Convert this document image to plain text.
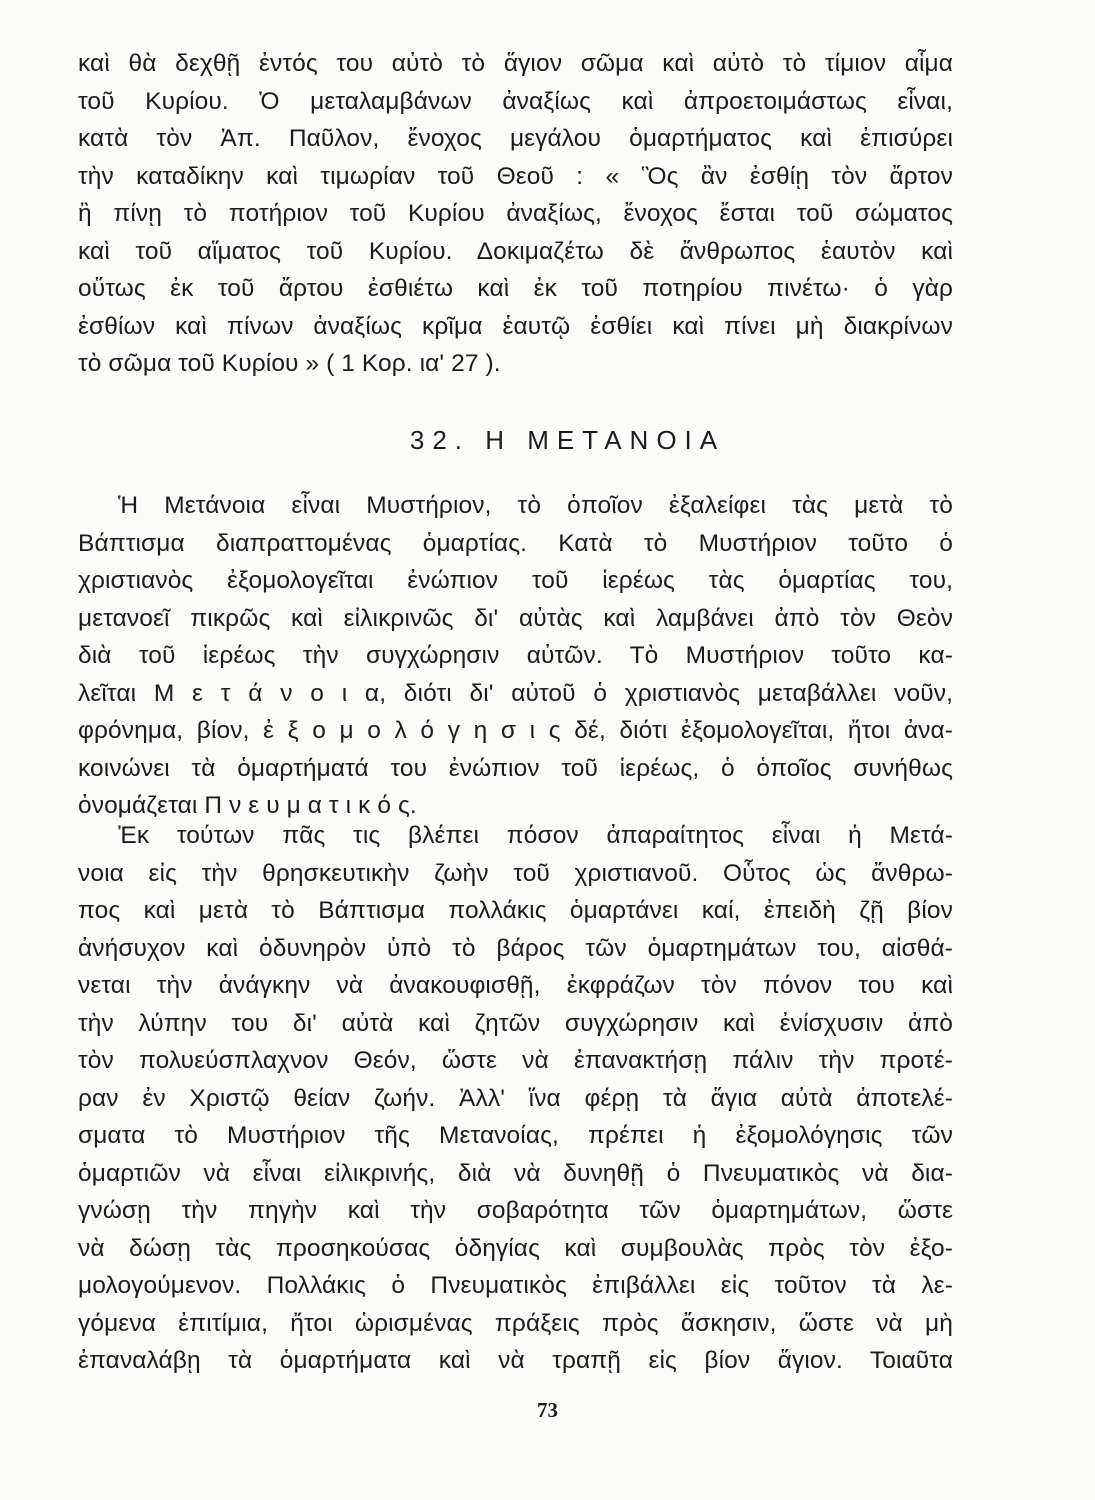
καὶ θὰ δεχθῇ ἐντός του αὐτὸ τὸ ἅγιον σῶμα καὶ αὐτὸ τὸ τίμιον αἷμα
τοῦ Κυρίου. Ὁ μεταλαμβάνων ἀναξίως καὶ ἀπροετοιμάστως εἶναι,
κατὰ τὸν Ἀπ. Παῦλον, ἔνοχος μεγάλου ὁμαρτήματος καὶ ἐπισύρει
τὴν καταδίκην καὶ τιμωρίαν τοῦ Θεοῦ : « Ὃς ἂν ἐσθίῃ τὸν ἄρτον
ἢ πίνῃ τὸ ποτήριον τοῦ Κυρίου ἀναξίως, ἔνοχος ἔσται τοῦ σώματος
καὶ τοῦ αἵματος τοῦ Κυρίου. Δοκιμαζέτω δὲ ἄνθρωπος ἑαυτὸν καὶ
οὕτως ἐκ τοῦ ἄρτου ἐσθιέτω καὶ ἐκ τοῦ ποτηρίου πινέτω· ὁ γὰρ
ἐσθίων καὶ πίνων ἀναξίως κρῖμα ἑαυτῷ ἐσθίει καὶ πίνει μὴ διακρίνων
τὸ σῶμα τοῦ Κυρίου » ( 1 Κορ. ια' 27 ).
32. Η ΜΕΤΑΝΟΙΑ
Ἡ Μετάνοια εἶναι Μυστήριον, τὸ ὁποῖον ἐξαλείφει τὰς μετὰ τὸ
Βάπτισμα διαπραττομένας ὁμαρτίας. Κατὰ τὸ Μυστήριον τοῦτο ὁ
χριστιανὸς ἐξομολογεῖται ἐνώπιον τοῦ ἱερέως τὰς ὁμαρτίας του,
μετανοεῖ πικρῶς καὶ εἰλικρινῶς δι' αὐτὰς καὶ λαμβάνει ἀπὸ τὸν Θεὸν
διὰ τοῦ ἱερέως τὴν συγχώρησιν αὐτῶν. Τὸ Μυστήριον τοῦτο κα-
λεῖται Μ ε τ ά ν ο ι α, διότι δι' αὐτοῦ ὁ χριστιανὸς μεταβάλλει νοῦν,
φρόνημα, βίον, ἐ ξ ο μ ο λ ό γ η σ ι ς δέ, διότι ἐξομολογεῖται, ἤτοι ἀνα-
κοινώνει τὰ ὁμαρτήματά του ἐνώπιον τοῦ ἱερέως, ὁ ὁποῖος συνήθως
ὀνομάζεται Π ν ε υ μ α τ ι κ ό ς.
Ἐκ τούτων πᾶς τις βλέπει πόσον ἀπαραίτητος εἶναι ἡ Μετά-
νοια εἰς τὴν θρησκευτικὴν ζωὴν τοῦ χριστιανοῦ. Οὗτος ὡς ἄνθρω-
πος καὶ μετὰ τὸ Βάπτισμα πολλάκις ὁμαρτάνει καί, ἐπειδὴ ζῇ βίον
ἀνήσυχον καὶ ὀδυνηρὸν ὑπὸ τὸ βάρος τῶν ὁμαρτημάτων του, αἰσθά-
νεται τὴν ἀνάγκην νὰ ἀνακουφισθῇ, ἐκφράζων τὸν πόνον του καὶ
τὴν λύπην του δι' αὐτὰ καὶ ζητῶν συγχώρησιν καὶ ἐνίσχυσιν ἀπὸ
τὸν πολυεύσπλαχνον Θεόν, ὥστε νὰ ἐπανακτήσῃ πάλιν τὴν προτέ-
ραν ἐν Χριστῷ θείαν ζωήν. Ἀλλ' ἵνα φέρῃ τὰ ἅγια αὐτὰ ἀποτελέ-
σματα τὸ Μυστήριον τῆς Μετανοίας, πρέπει ἡ ἐξομολόγησις τῶν
ὁμαρτιῶν νὰ εἶναι εἰλικρινής, διὰ νὰ δυνηθῇ ὁ Πνευματικὸς νὰ δια-
γνώσῃ τὴν πηγὴν καὶ τὴν σοβαρότητα τῶν ὁμαρτημάτων, ὥστε
νὰ δώσῃ τὰς προσηκούσας ὁδηγίας καὶ συμβουλὰς πρὸς τὸν ἐξο-
μολογούμενον. Πολλάκις ὁ Πνευματικὸς ἐπιβάλλει εἰς τοῦτον τὰ λε-
γόμενα ἐπιτίμια, ἤτοι ὡρισμένας πράξεις πρὸς ἄσκησιν, ὥστε νὰ μὴ
ἐπαναλάβῃ τὰ ὁμαρτήματα καὶ νὰ τραπῇ εἰς βίον ἅγιον. Τοιαῦτα
73
